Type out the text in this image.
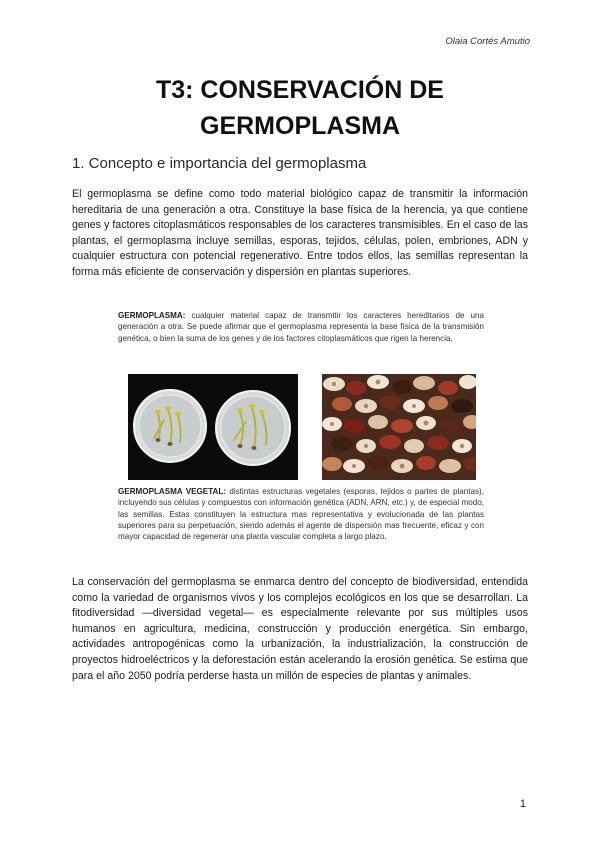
Olaia Cortés Amutio
T3: CONSERVACIÓN DE
GERMOPLASMA
1. Concepto e importancia del germoplasma

El germoplasma se define como todo material biológico capaz de transmitir la información hereditaria de una generación a otra. Constituye la base física de la herencia, ya que contiene genes y factores citoplasmáticos responsables de los caracteres transmisibles. En el caso de las plantas, el germoplasma incluye semillas, esporas, tejidos, células, polen, embriones, ADN y cualquier estructura con potencial regenerativo. Entre todos ellos, las semillas representan la forma más eficiente de conservación y dispersión en plantas superiores.

GERMOPLASMA: cualquier material capaz de transmitir los caracteres hereditarios de una generación a otra. Se puede afirmar que el germoplasma representa la base física de la transmisión genética, o bien la suma de los genes y de los factores citoplasmáticos que rigen la herencia.
GERMOPLASMA VEGETAL: distintas estructuras vegetales (esporas, tejidos o partes de plantas), incluyendo sus células y compuestos con información genética (ADN, ARN, etc.) y, de especial modo, las semillas. Estas constituyen la estructura mas representativa y evolucionada de las plantas superiores para su perpetuación, siendo además el agente de dispersión mas frecuente, eficaz y con mayor capacidad de regenerar una planta vascular completa a largo plazo.

La conservación del germoplasma se enmarca dentro del concepto de biodiversidad, entendida como la variedad de organismos vivos y los complejos ecológicos en los que se desarrollan. La fitodiversidad —diversidad vegetal— es especialmente relevante por sus múltiples usos humanos en agricultura, medicina, construcción y producción energética. Sin embargo, actividades antropogénicas como la urbanización, la industrialización, la construcción de proyectos hidroeléctricos y la deforestación están acelerando la erosión genética. Se estima que para el año 2050 podría perderse hasta un millón de especies de plantas y animales.

1
